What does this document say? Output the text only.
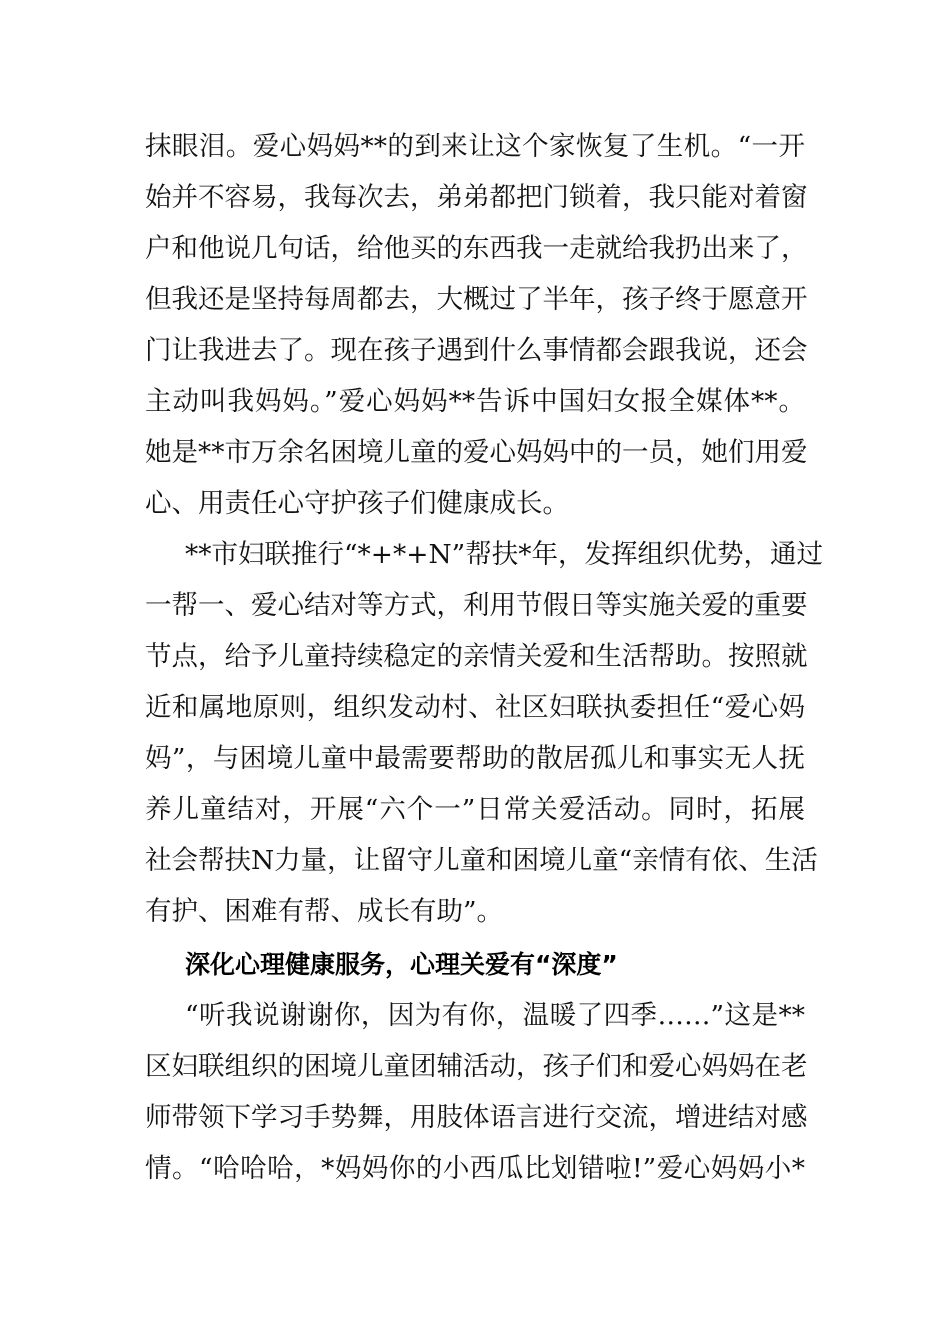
抹眼泪。爱心妈妈**的到来让这个家恢复了生机。“一开

始并不容易，我每次去，弟弟都把门锁着，我只能对着窗

户和他说几句话，给他买的东西我一走就给我扔出来了，

但我还是坚持每周都去，大概过了半年，孩子终于愿意开

门让我进去了。现在孩子遇到什么事情都会跟我说，还会

主动叫我妈妈。”爱心妈妈**告诉中国妇女报全媒体**。

她是**市万余名困境儿童的爱心妈妈中的一员，她们用爱

心、用责任心守护孩子们健康成长。

**市妇联推行“*+*+N”帮扶*年，发挥组织优势，通过

一帮一、爱心结对等方式，利用节假日等实施关爱的重要

节点，给予儿童持续稳定的亲情关爱和生活帮助。按照就

近和属地原则，组织发动村、社区妇联执委担任“爱心妈

妈”，与困境儿童中最需要帮助的散居孤儿和事实无人抚

养儿童结对，开展“六个一”日常关爱活动。同时，拓展

社会帮扶N力量，让留守儿童和困境儿童“亲情有依、生活

有护、困难有帮、成长有助”。

深化心理健康服务，心理关爱有“深度”

“听我说谢谢你，因为有你，温暖了四季……”这是**

区妇联组织的困境儿童团辅活动，孩子们和爱心妈妈在老

师带领下学习手势舞，用肢体语言进行交流，增进结对感

情。“哈哈哈，*妈妈你的小西瓜比划错啦!”爱心妈妈小*
